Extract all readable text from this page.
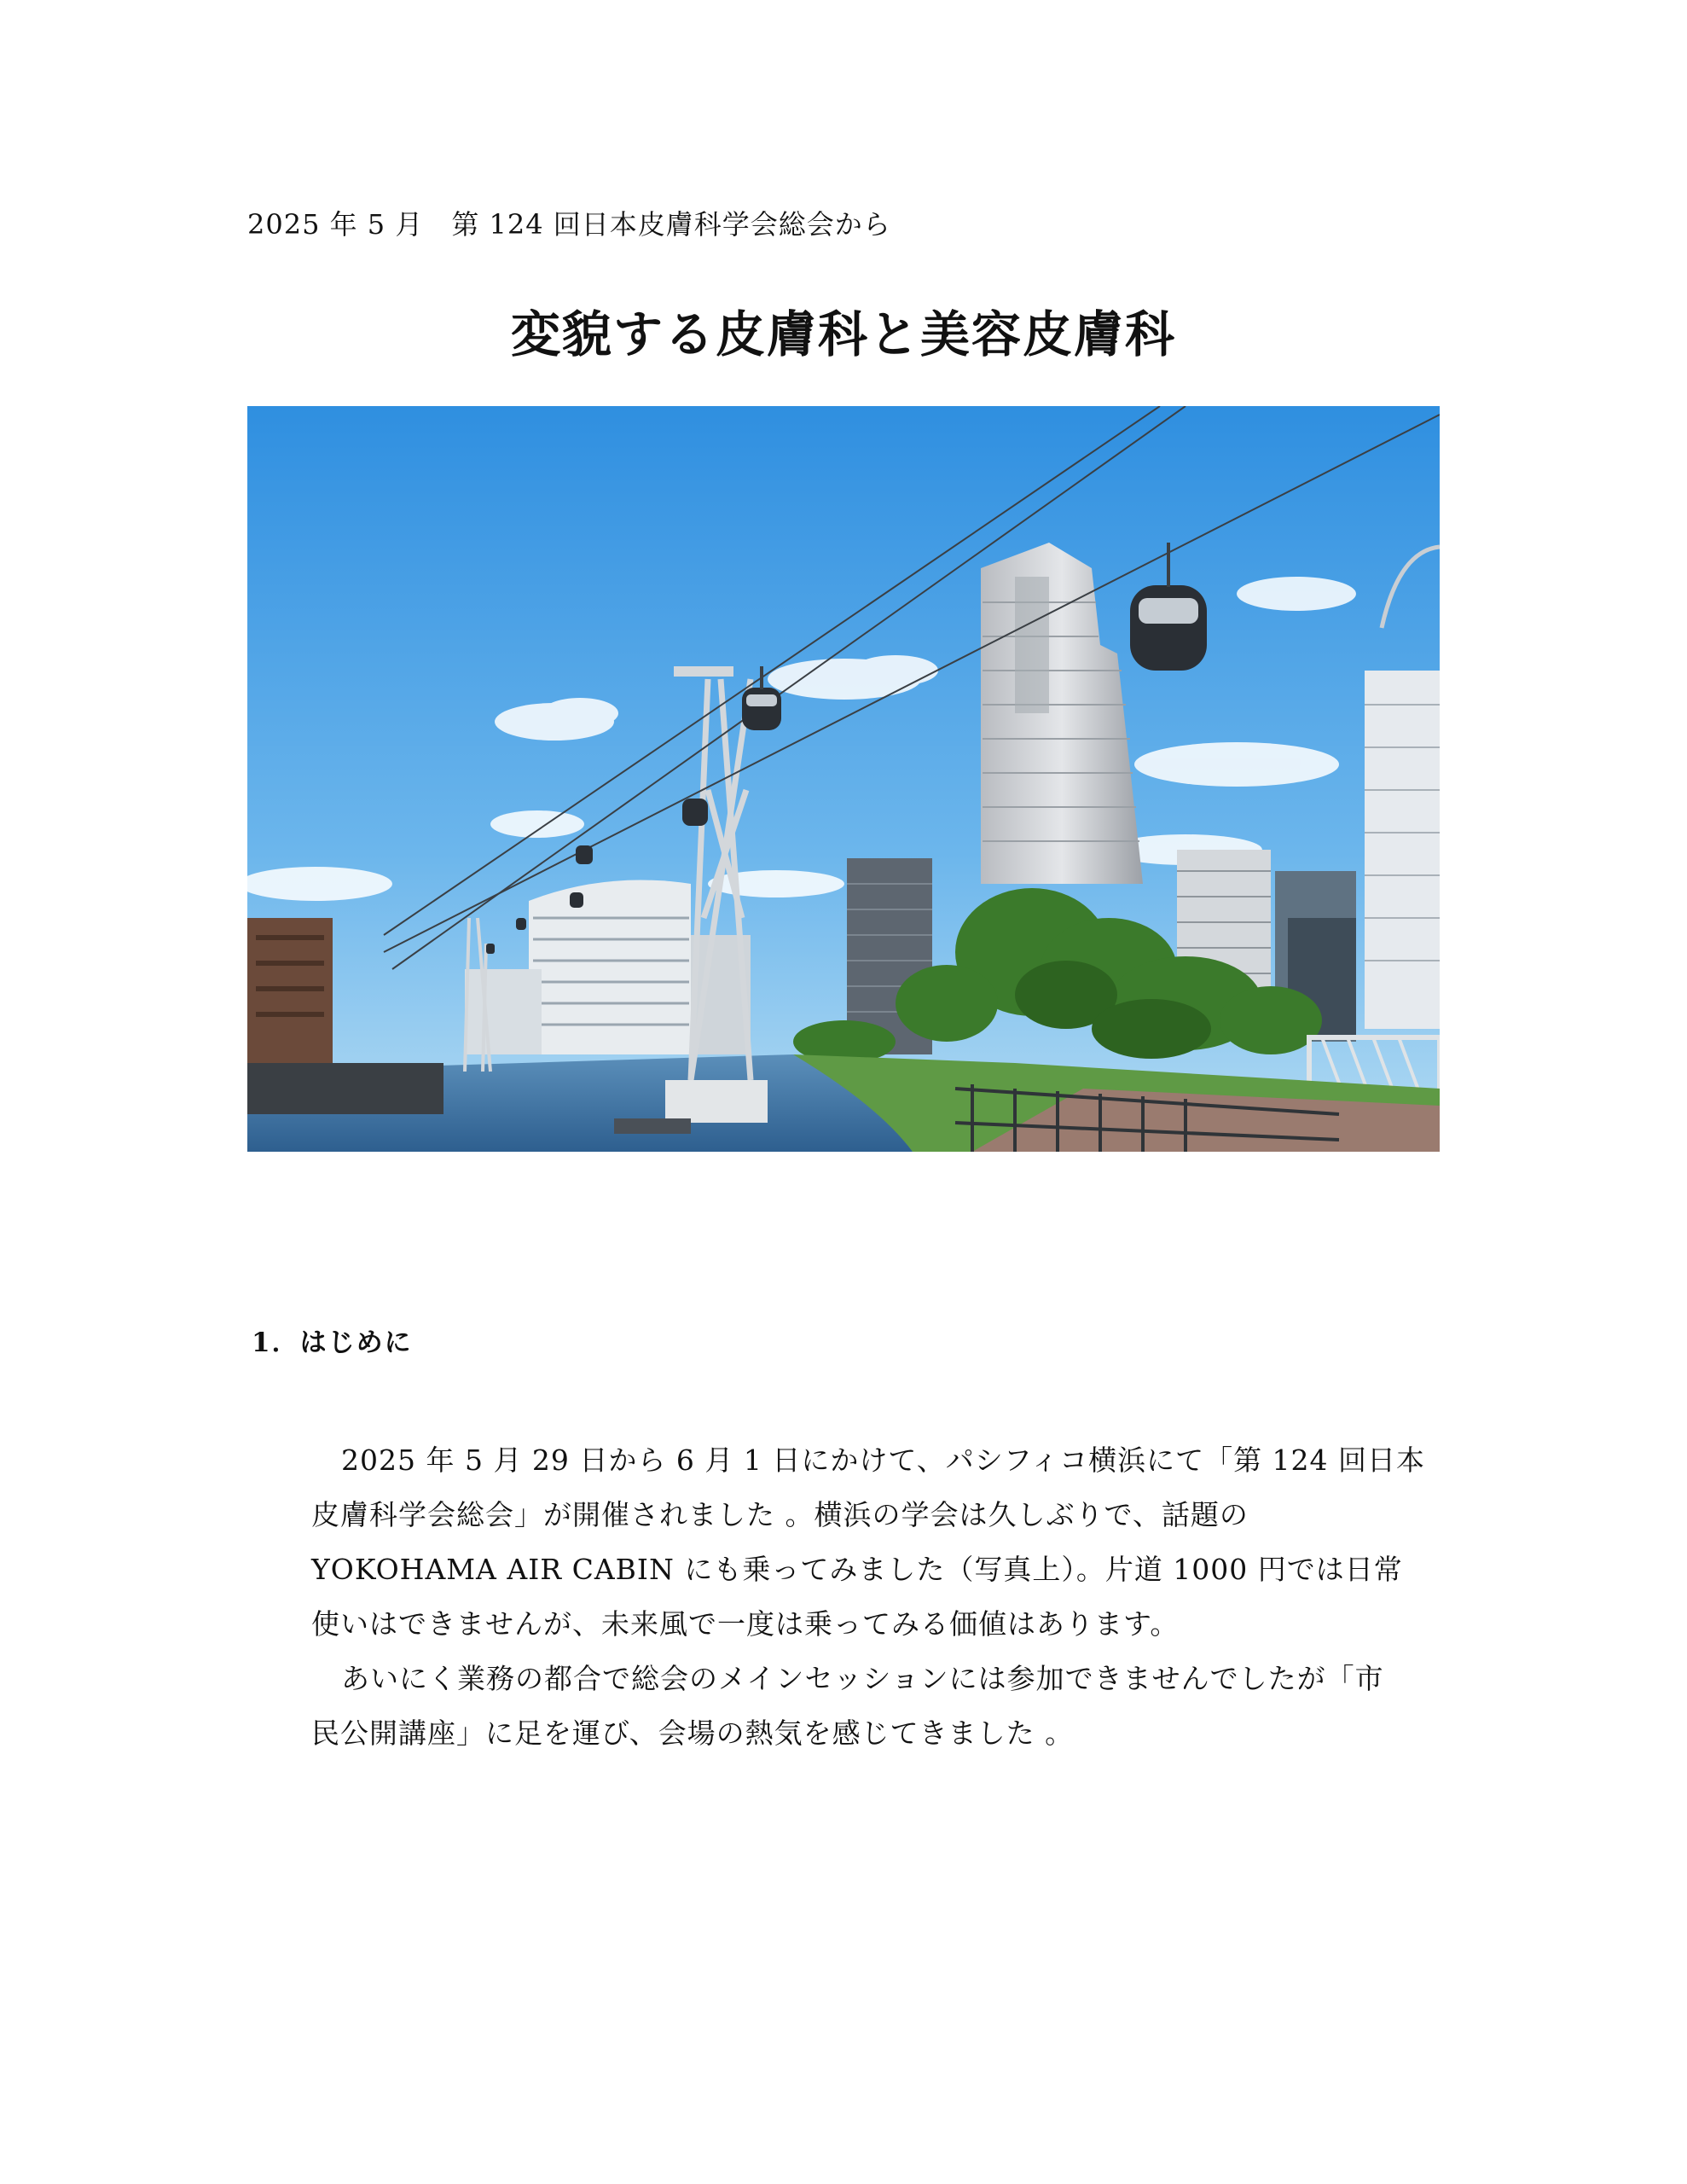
2025 年 5 月　第 124 回日本皮膚科学会総会から
変貌する皮膚科と美容皮膚科
1．はじめに

2025 年 5 月 29 日から 6 月 1 日にかけて、パシフィコ横浜にて「第 124 回日本
皮膚科学会総会」が開催されました 。横浜の学会は久しぶりで、話題の
YOKOHAMA AIR CABIN にも乗ってみました（写真上）。片道 1000 円では日常
使いはできませんが、未来風で一度は乗ってみる価値はあります。

あいにく業務の都合で総会のメインセッションには参加できませんでしたが「市
民公開講座」に足を運び、会場の熱気を感じてきました 。
